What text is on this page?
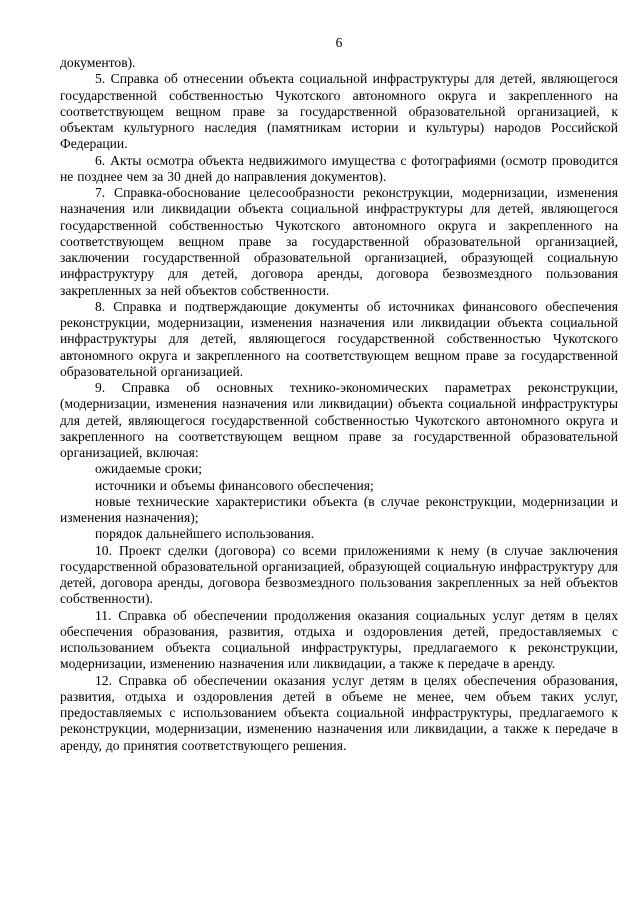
6

документов).

5. Справка об отнесении объекта социальной инфраструктуры для детей, являющегося государственной собственностью Чукотского автономного округа и закрепленного на соответствующем вещном праве за государственной образовательной организацией, к объектам культурного наследия (памятникам истории и культуры) народов Российской Федерации.

6. Акты осмотра объекта недвижимого имущества с фотографиями (осмотр проводится не позднее чем за 30 дней до направления документов).

7. Справка-обоснование целесообразности реконструкции, модернизации, изменения назначения или ликвидации объекта социальной инфраструктуры для детей, являющегося государственной собственностью Чукотского автономного округа и закрепленного на соответствующем вещном праве за государственной образовательной организацией, заключении государственной образовательной организацией, образующей социальную инфраструктуру для детей, договора аренды, договора безвозмездного пользования закрепленных за ней объектов собственности.

8. Справка и подтверждающие документы об источниках финансового обеспечения реконструкции, модернизации, изменения назначения или ликвидации объекта социальной инфраструктуры для детей, являющегося государственной собственностью Чукотского автономного округа и закрепленного на соответствующем вещном праве за государственной образовательной организацией.

9. Справка об основных технико-экономических параметрах реконструкции, (модернизации, изменения назначения или ликвидации) объекта социальной инфраструктуры для детей, являющегося государственной собственностью Чукотского автономного округа и закрепленного на соответствующем вещном праве за государственной образовательной организацией, включая:

ожидаемые сроки;

источники и объемы финансового обеспечения;

новые технические характеристики объекта (в случае реконструкции, модернизации и изменения назначения);

порядок дальнейшего использования.

10. Проект сделки (договора) со всеми приложениями к нему (в случае заключения государственной образовательной организацией, образующей социальную инфраструктуру для детей, договора аренды, договора безвозмездного пользования закрепленных за ней объектов собственности).

11. Справка об обеспечении продолжения оказания социальных услуг детям в целях обеспечения образования, развития, отдыха и оздоровления детей, предоставляемых с использованием объекта социальной инфраструктуры, предлагаемого к реконструкции, модернизации, изменению назначения или ликвидации, а также к передаче в аренду.

12. Справка об обеспечении оказания услуг детям в целях обеспечения образования, развития, отдыха и оздоровления детей в объеме не менее, чем объем таких услуг, предоставляемых с использованием объекта социальной инфраструктуры, предлагаемого к реконструкции, модернизации, изменению назначения или ликвидации, а также к передаче в аренду, до принятия соответствующего решения.
